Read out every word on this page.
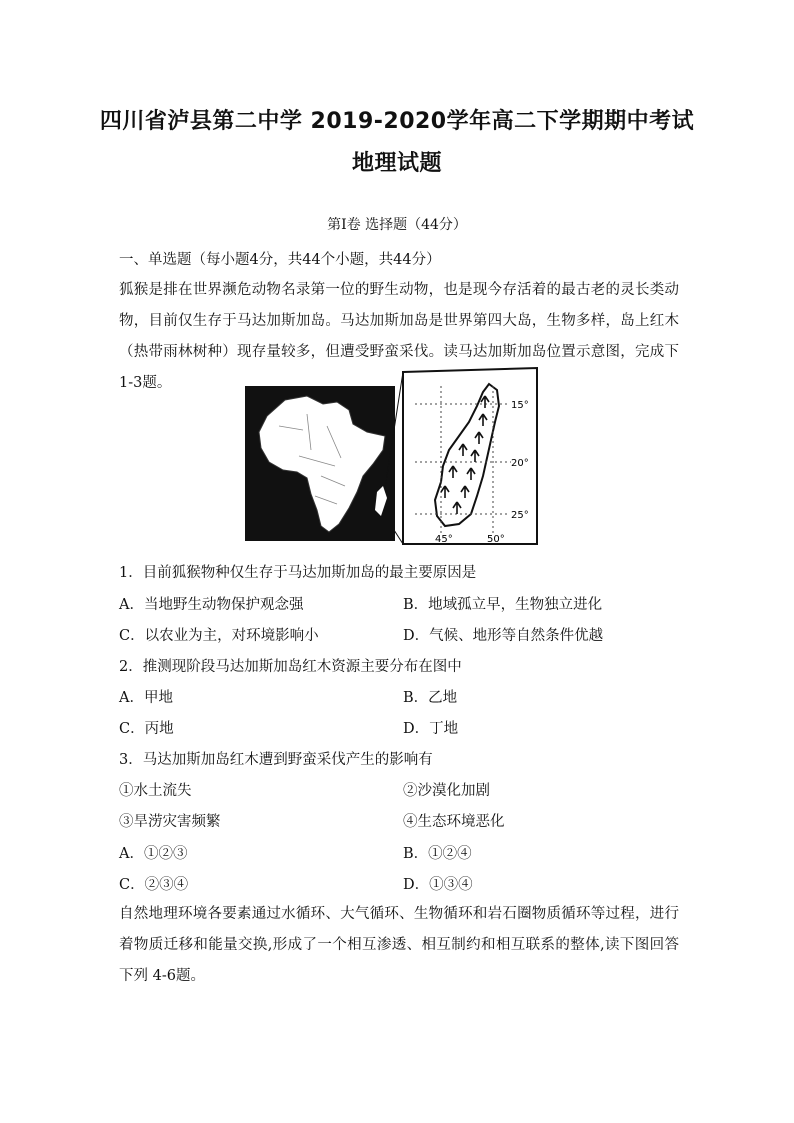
四川省泸县第二中学 2019-2020学年高二下学期期中考试
地理试题
第Ⅰ卷 选择题（44分）
一、单选题（每小题4分，共44个小题，共44分）
狐猴是排在世界濒危动物名录第一位的野生动物，也是现今存活着的最古老的灵长类动物，目前仅生存于马达加斯加岛。马达加斯加岛是世界第四大岛，生物多样，岛上红木（热带雨林树种）现存量较多，但遭受野蛮采伐。读马达加斯加岛位置示意图，完成下 1-3题。
15°
20°
25°
45°	50°
1．目前狐猴物种仅生存于马达加斯加岛的最主要原因是
A．当地野生动物保护观念强	B．地域孤立早，生物独立进化
C．以农业为主，对环境影响小	D．气候、地形等自然条件优越
2．推测现阶段马达加斯加岛红木资源主要分布在图中
A．甲地	B．乙地
C．丙地	D．丁地
3．马达加斯加岛红木遭到野蛮采伐产生的影响有
①水土流失	②沙漠化加剧
③旱涝灾害频繁	④生态环境恶化
A．①②③	B．①②④
C．②③④	D．①③④
自然地理环境各要素通过水循环、大气循环、生物循环和岩石圈物质循环等过程，进行着物质迁移和能量交换,形成了一个相互渗透、相互制约和相互联系的整体,读下图回答下列 4-6题。
